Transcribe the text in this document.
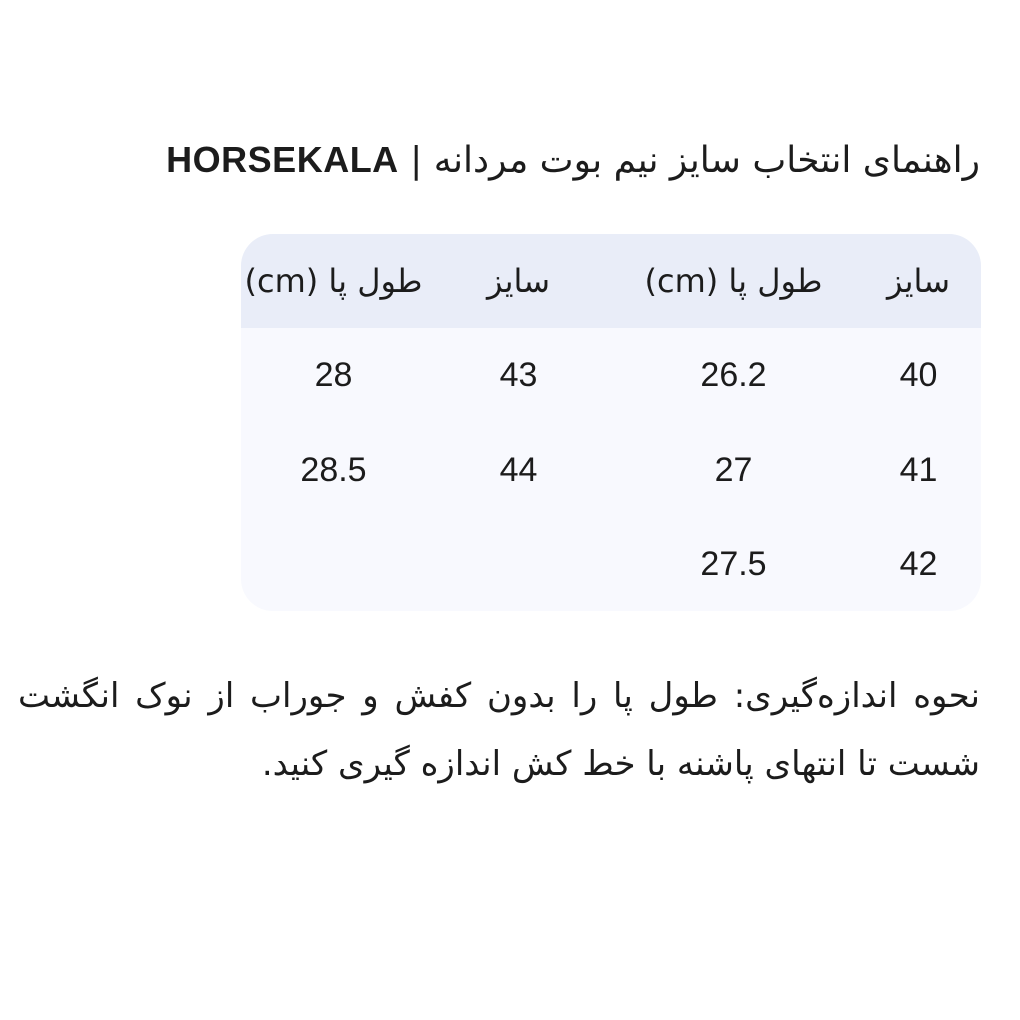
راهنمای انتخاب سایز نیم بوت مردانه | HORSEKALA
سایز	طول پا (cm)	سایز	طول پا (cm)
40	26.2	43	28
41	27	44	28.5
42	27.5		

نحوه اندازه‌گیری: طول پا را بدون کفش و جوراب از نوک انگشت شست تا انتهای پاشنه با خط کش اندازه گیری کنید.
